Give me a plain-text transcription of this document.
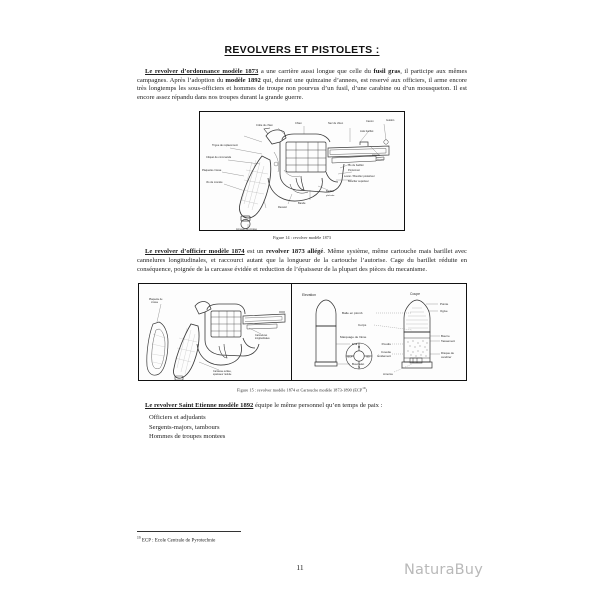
REVOLVERS ET PISTOLETS :

Le revolver d’ordonnance modèle 1873 a une carrière aussi longue que celle du fusil gras, il participe aux mêmes campagnes. Après l’adoption du modèle 1892 qui, durant une quinzaine d’annees, est reservé aux officiers, il arme encore très longtemps les sous-officiers et hommes de troupe non pourvus d’un fusil, d’une carabine ou d’un mousqueton. Il est encore assez répandu dans nos troupes durant la grande guerre.

Crête du chien
Chien	Nez du chien
Canon	Guidon
Axle barillet
Tirgue de replacement
Cliquet de commande
Plaquette crosse
Vis de montée
Aiguille
(Verrou)
Vis du barillet
Pontonnet
Levier / Bouclier postérieur
Bouclier supérieur
Barillet
gâchette
Bande
Ressort
Anneau de crosse
Figure 14 : revolver modèle 1873

Le revolver d’officier modèle 1874 est un revolver 1873 allégé. Même sysième, même cartouche mais barillet avec cannelures longitudinales, et raccourci autant que la longueur de la cartouche l’autorise. Cage du barillet réduite en conséquence, poignée de la carcasse évidée et reduction de l’épaisseur de la plupart des pièces du mecanisme.

Plaquette de
crosse
Cannelures
longitudinales
Carcasse évidée,
épaisseur réduite
Elevation
Etui
Bourrelet
Balle en plomb
Corps
Marquage de l'âme
M
S
ECP	83
Coupe
Pointe
Ogive
Bourre
Tassement
Disque de
cendrier
Poudre
Cuvette
Évidement
Amorce
Figure 15 : revolver modèle 1874 et Cartouche modèle 1873-1890 (ECP$^{19}$)

Le revolver Saint Etienne modèle 1892 équipe le même personnel qu’en temps de paix :

Officiers et adjudants
Sergents-majors, tambours
Hommes de troupes montees
$^{19}$ ECP : Ecole Centrale de Pyrotechnie
11	NaturaBuy
